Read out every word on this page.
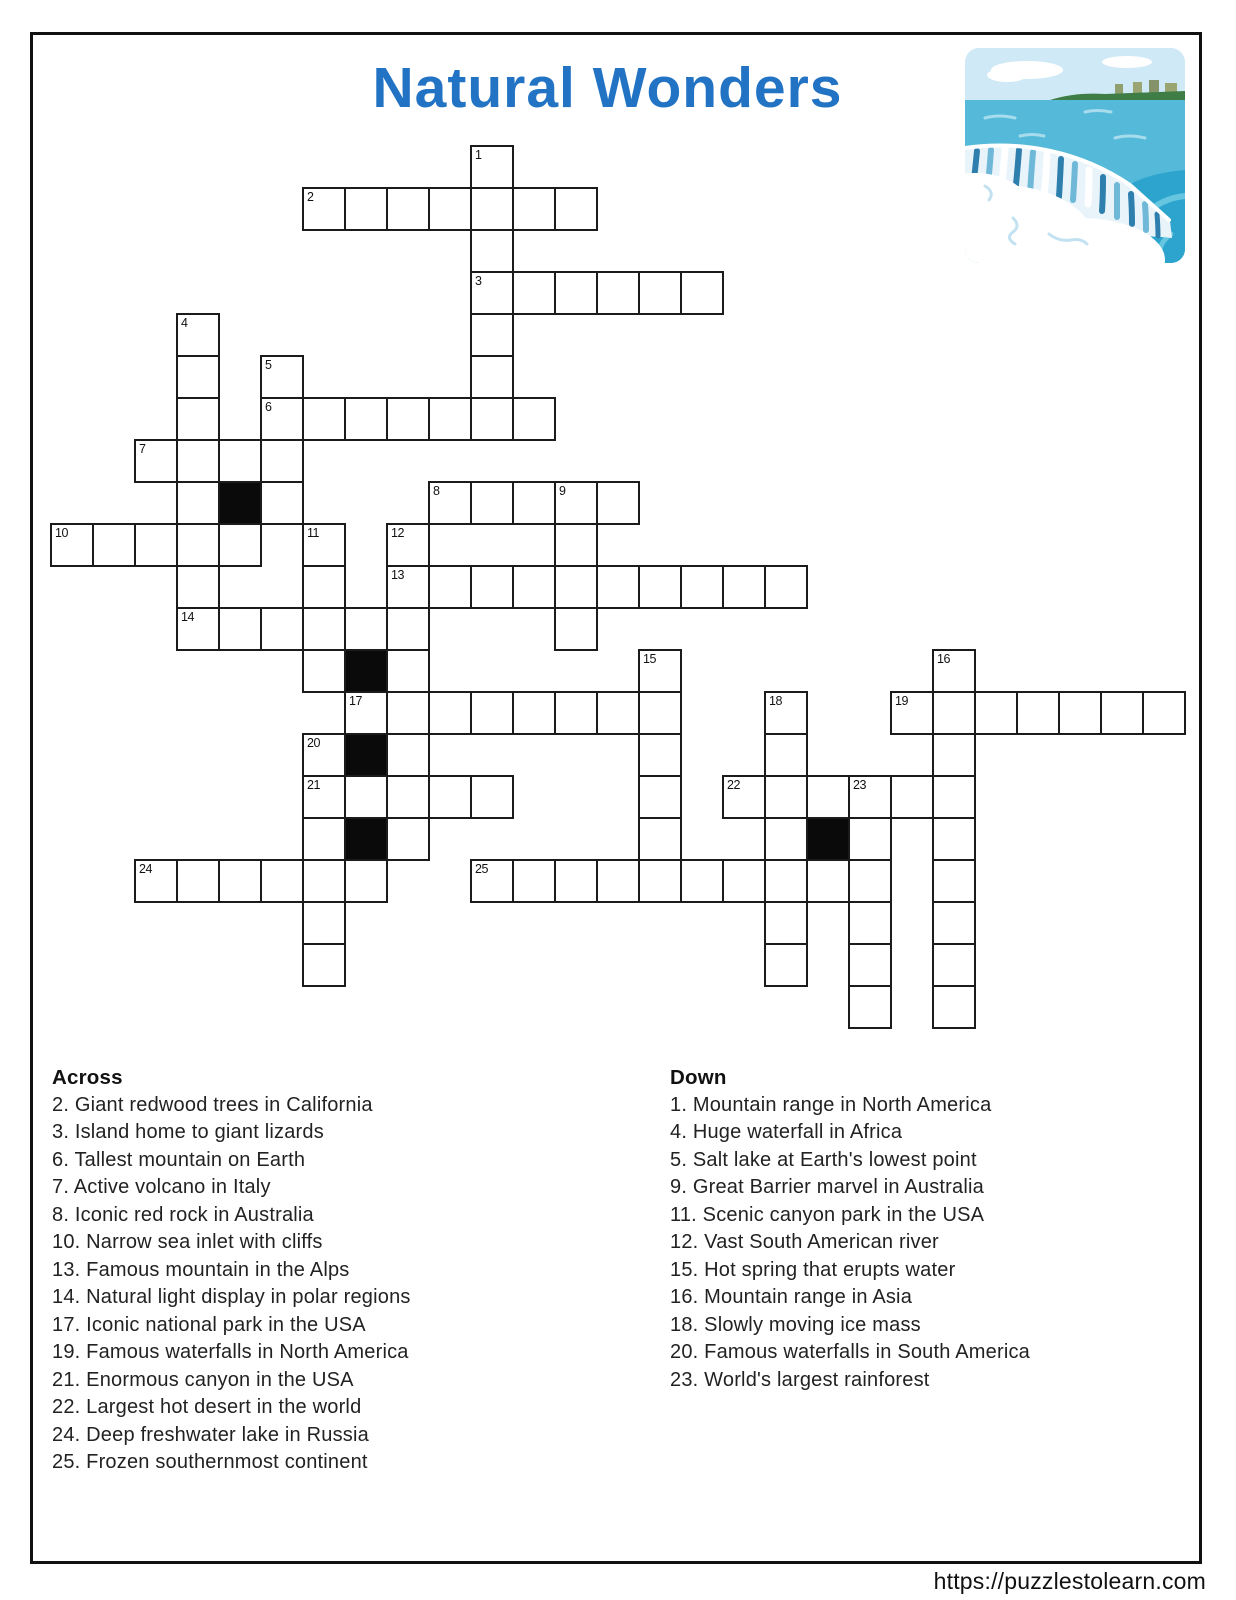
Natural Wonders
1
2
3
4
5
6
7
8	9
10	11	12
13
14
15	16
17	18	19
20
21	22	23
24	25
Across
2. Giant redwood trees in California
3. Island home to giant lizards
6. Tallest mountain on Earth
7. Active volcano in Italy
8. Iconic red rock in Australia
10. Narrow sea inlet with cliffs
13. Famous mountain in the Alps
14. Natural light display in polar regions
17. Iconic national park in the USA
19. Famous waterfalls in North America
21. Enormous canyon in the USA
22. Largest hot desert in the world
24. Deep freshwater lake in Russia
25. Frozen southernmost continent
Down
1. Mountain range in North America
4. Huge waterfall in Africa
5. Salt lake at Earth's lowest point
9. Great Barrier marvel in Australia
11. Scenic canyon park in the USA
12. Vast South American river
15. Hot spring that erupts water
16. Mountain range in Asia
18. Slowly moving ice mass
20. Famous waterfalls in South America
23. World's largest rainforest
https://puzzlestolearn.com
